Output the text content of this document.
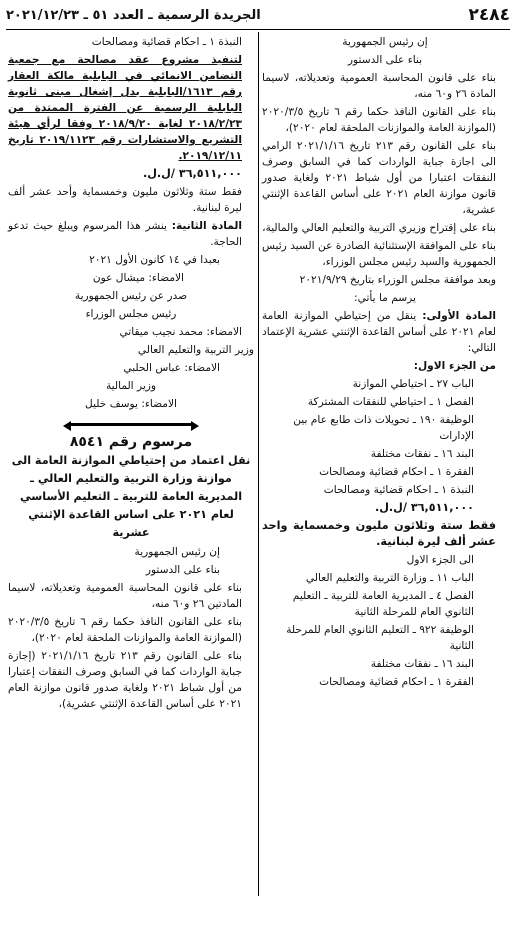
٢٤٨٤
الجريدة الرسمية ـ العدد ٥١ ـ ٢٠٢١/١٢/٢٣

إن رئيس الجمهورية

بناء على الدستور

بناء على قانون المحاسبة العمومية وتعديلاته، لاسيما المادة ٢٦ و٦٠ منه،

بناء على القانون النافذ حكما رقم ٦ تاريخ ٢٠٢٠/٣/٥ (الموازنة العامة والموازنات الملحقة لعام ٢٠٢٠)،

بناء على القانون رقم ٢١٣ تاريخ ٢٠٢١/١/١٦ الرامي الى اجازة جباية الواردات كما في السابق وصرف النفقات اعتبارا من أول شباط ٢٠٢١ ولغاية صدور قانون موازنة العام ٢٠٢١ على أساس القاعدة الإثنتي عشرية،

بناء على إقتراح وزيري التربية والتعليم العالي والمالية،

بناء على الموافقة الإستثنائية الصادرة عن السيد رئيس الجمهورية والسيد رئيس مجلس الوزراء،

وبعد موافقة مجلس الوزراء بتاريخ ٢٠٢١/٩/٢٩

يرسم ما يأتي:

المادة الأولى: ينقل من إحتياطي الموازنة العامة لعام ٢٠٢١ على أساس القاعدة الإثنتي عشرية الإعتماد التالي:

من الجزء الاول:

الباب ٢٧ ـ احتياطي الموازنة

الفصل ١ ـ احتياطي للنفقات المشتركة

الوظيفة ١٩٠ ـ تحويلات ذات طابع عام بين الإدارات

البند ١٦ ـ نفقات مختلفة

الفقرة ١ ـ احكام قضائية ومصالحات

النبذة ١ ـ احكام قضائية ومصالحات

٣٦,٥١١,٠٠٠ /ل.ل.

فقط ستة وثلاثون مليون وخمسماية واحد عشر ألف ليرة لبنانية.

الى الجزء الاول

الباب ١١ ـ وزارة التربية والتعليم العالي

الفصل ٤ ـ المديرية العامة للتربية ـ التعليم الثانوي العام للمرحلة الثانية

الوظيفة ٩٢٢ ـ التعليم الثانوي العام للمرحلة الثانية

البند ١٦ ـ نفقات مختلفة

الفقرة ١ ـ احكام قضائية ومصالحات

النبذة ١ ـ احكام قضائية ومصالحات

لتنفيذ مشروع عقد مصالحة مع جمعية التضامن الانمائي في البابلية مالكة العقار رقم ١٦١٣/البابلية بدل إشغال مبنى ثانوية البابلية الرسمية عن الفترة الممتدة من ٢٠١٨/٢/٢٣ لغاية ٢٠١٨/٩/٢٠ وفقا لرأي هيئة التشريع والاستشارات رقم ٢٠١٩/١١٢٣ تاريخ ٢٠١٩/١٢/١١.

٣٦,٥١١,٠٠٠ /ل.ل.

فقط ستة وثلاثون مليون وخمسماية وأحد عشر ألف ليرة لبنانية.

المادة الثانية: ينشر هذا المرسوم ويبلغ حيث تدعو الحاجة.

بعبدا في ١٤ كانون الأول ٢٠٢١

الامضاء: ميشال عون

صدر عن رئيس الجمهورية

رئيس مجلس الوزراء

الامضاء: محمد نجيب ميقاتي

وزير التربية والتعليم العالي

الامضاء: عباس الحلبي

وزير المالية

الامضاء: يوسف خليل

مرسوم رقم ٨٥٤١

نقل اعتماد من إحتياطي الموازنة العامة الى موازنة وزارة التربية والتعليم العالي ـ المديرية العامة للتربية ـ التعليم الأساسي لعام ٢٠٢١ على اساس القاعدة الإثنتي عشرية

إن رئيس الجمهورية

بناء على الدستور

بناء على قانون المحاسبة العمومية وتعديلاته، لاسيما المادتين ٢٦ و٦٠ منه،

بناء على القانون النافذ حكما رقم ٦ تاريخ ٢٠٢٠/٣/٥ (الموازنة العامة والموازنات الملحقة لعام ٢٠٢٠)،

بناء على القانون رقم ٢١٣ تاريخ ٢٠٢١/١/١٦ (إجازة جباية الواردات كما في السابق وصرف النفقات إعتبارا من أول شباط ٢٠٢١ ولغاية صدور قانون موازنة العام ٢٠٢١ على أساس القاعدة الإثنتي عشرية)،
